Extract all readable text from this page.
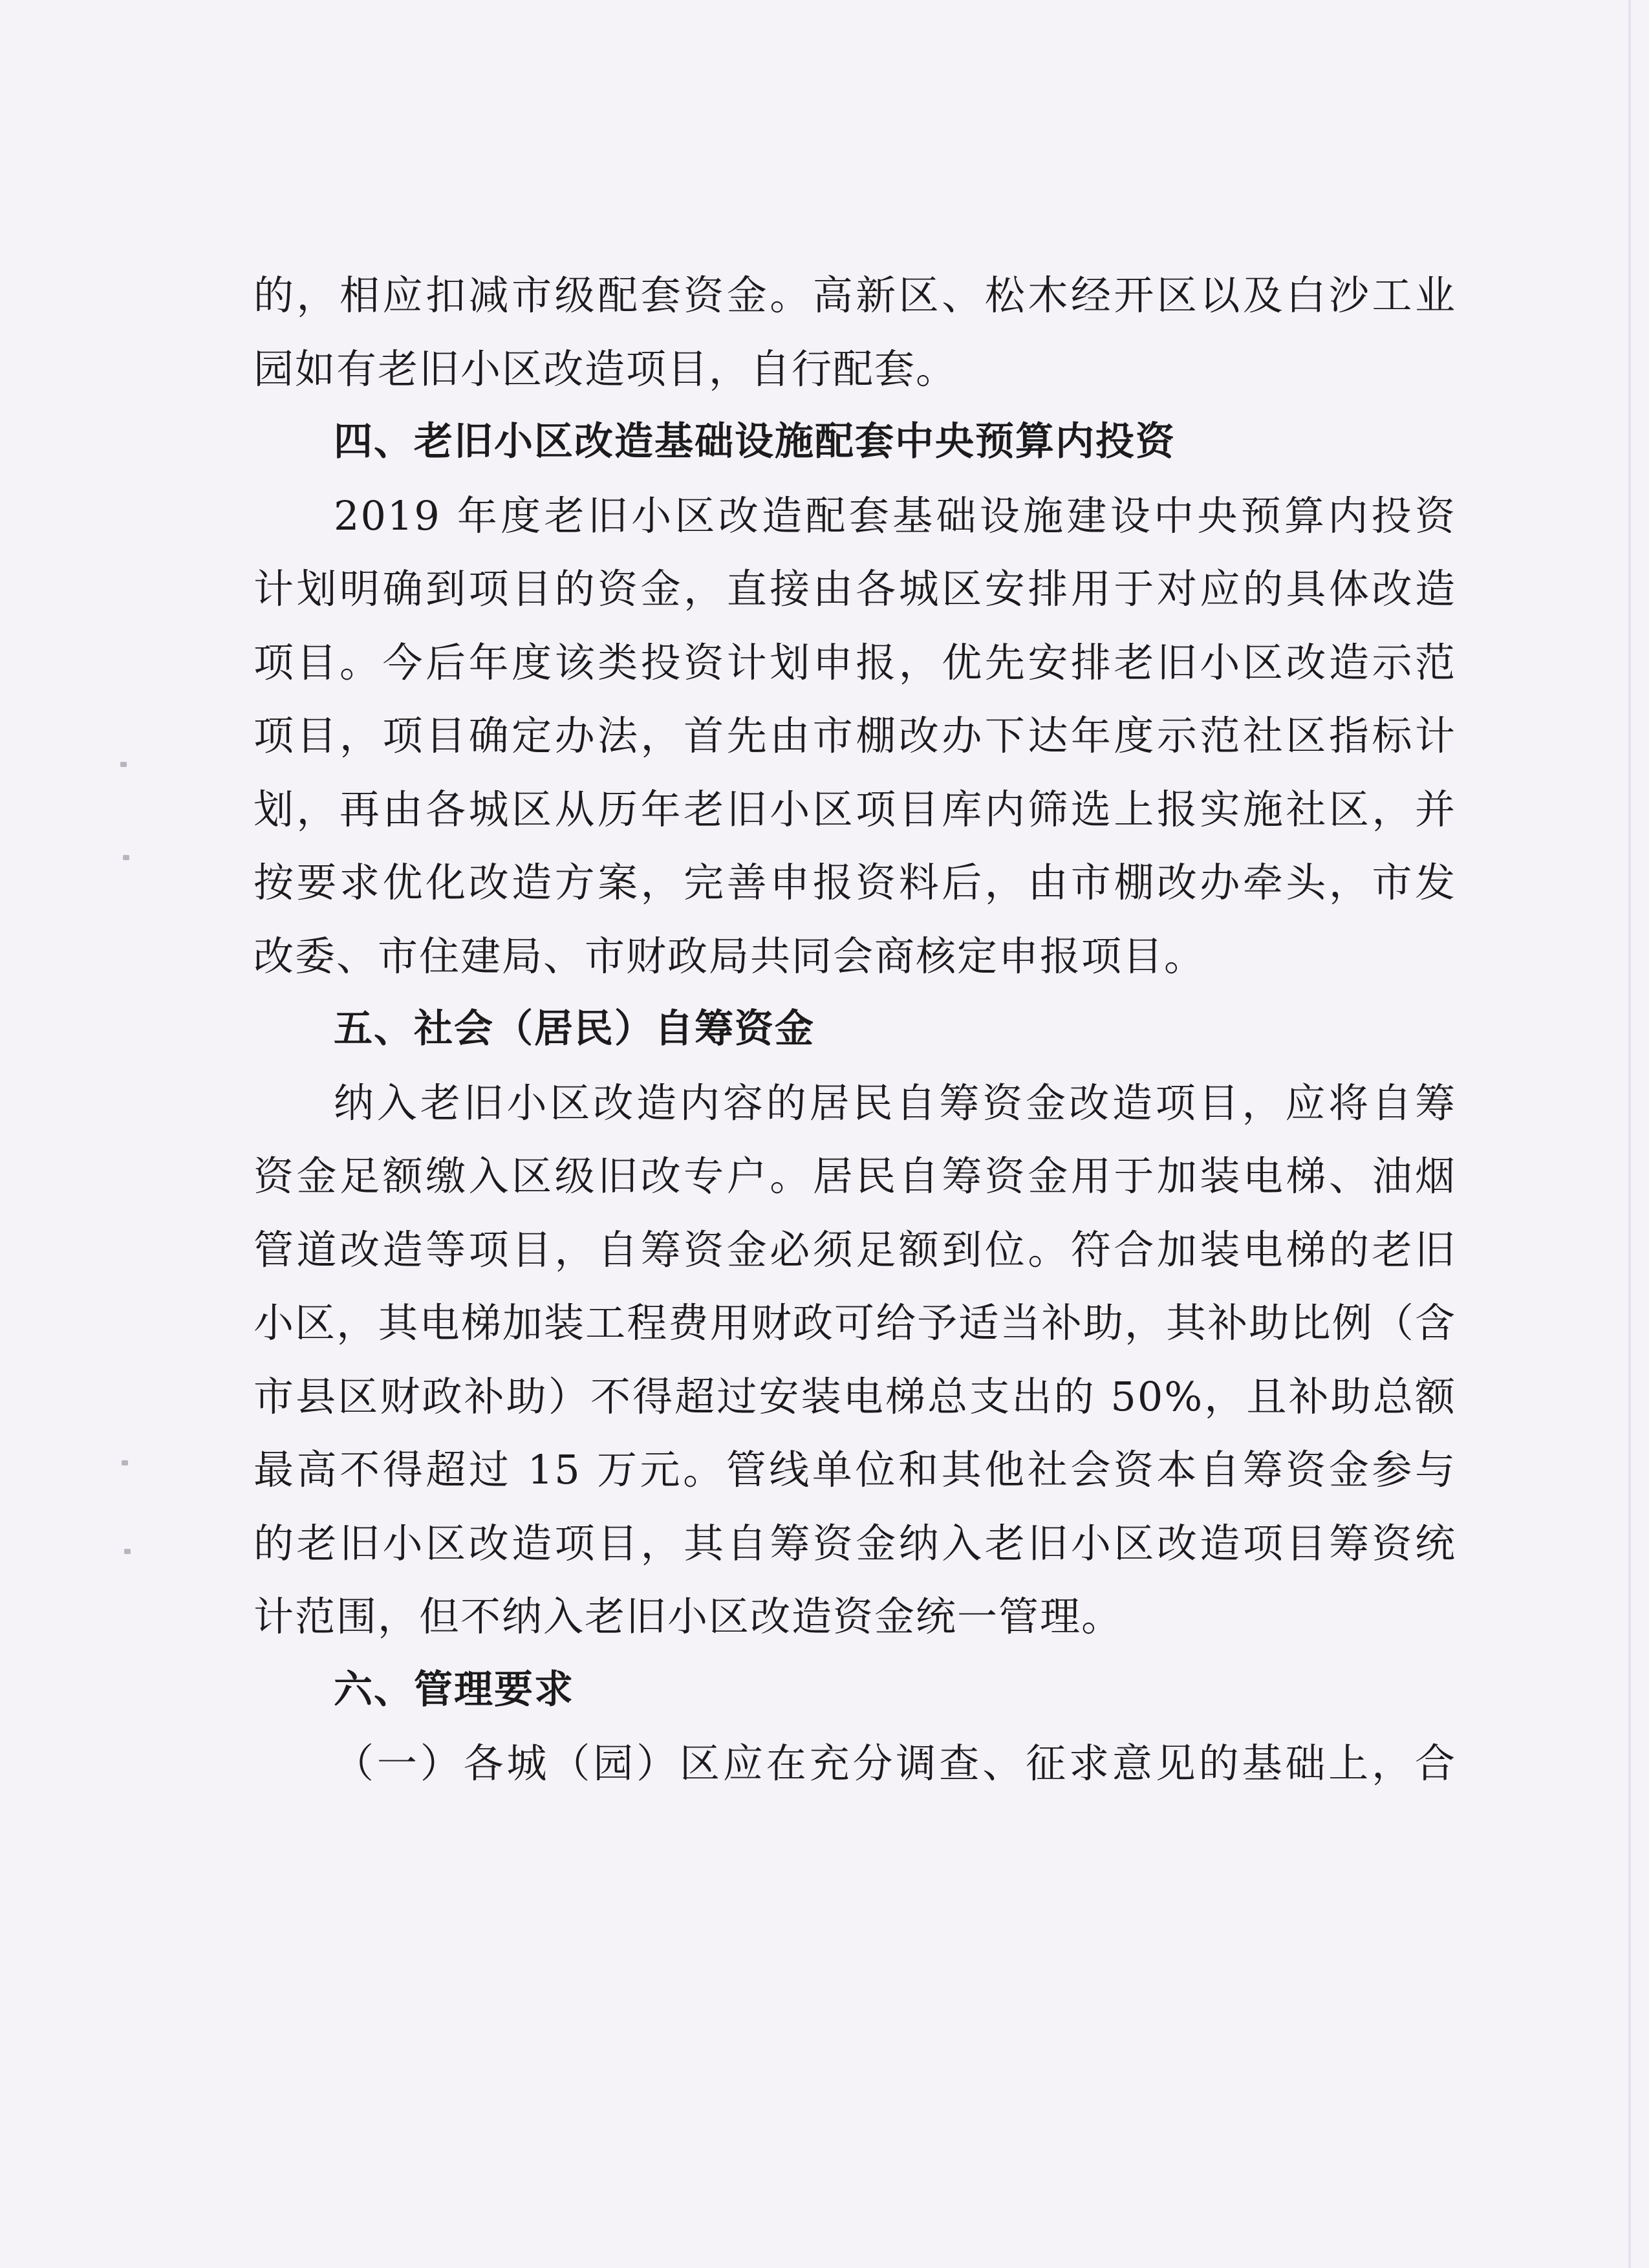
的，相应扣减市级配套资金。高新区、松木经开区以及白沙工业
园如有老旧小区改造项目，自行配套。
四、老旧小区改造基础设施配套中央预算内投资
2019 年度老旧小区改造配套基础设施建设中央预算内投资
计划明确到项目的资金，直接由各城区安排用于对应的具体改造
项目。今后年度该类投资计划申报，优先安排老旧小区改造示范
项目，项目确定办法，首先由市棚改办下达年度示范社区指标计
划，再由各城区从历年老旧小区项目库内筛选上报实施社区，并
按要求优化改造方案，完善申报资料后，由市棚改办牵头，市发
改委、市住建局、市财政局共同会商核定申报项目。
五、社会（居民）自筹资金
纳入老旧小区改造内容的居民自筹资金改造项目，应将自筹
资金足额缴入区级旧改专户。居民自筹资金用于加装电梯、油烟
管道改造等项目，自筹资金必须足额到位。符合加装电梯的老旧
小区，其电梯加装工程费用财政可给予适当补助，其补助比例（含
市县区财政补助）不得超过安装电梯总支出的 50%，且补助总额
最高不得超过 15 万元。管线单位和其他社会资本自筹资金参与
的老旧小区改造项目，其自筹资金纳入老旧小区改造项目筹资统
计范围，但不纳入老旧小区改造资金统一管理。
六、管理要求
（一）各城（园）区应在充分调查、征求意见的基础上，合
